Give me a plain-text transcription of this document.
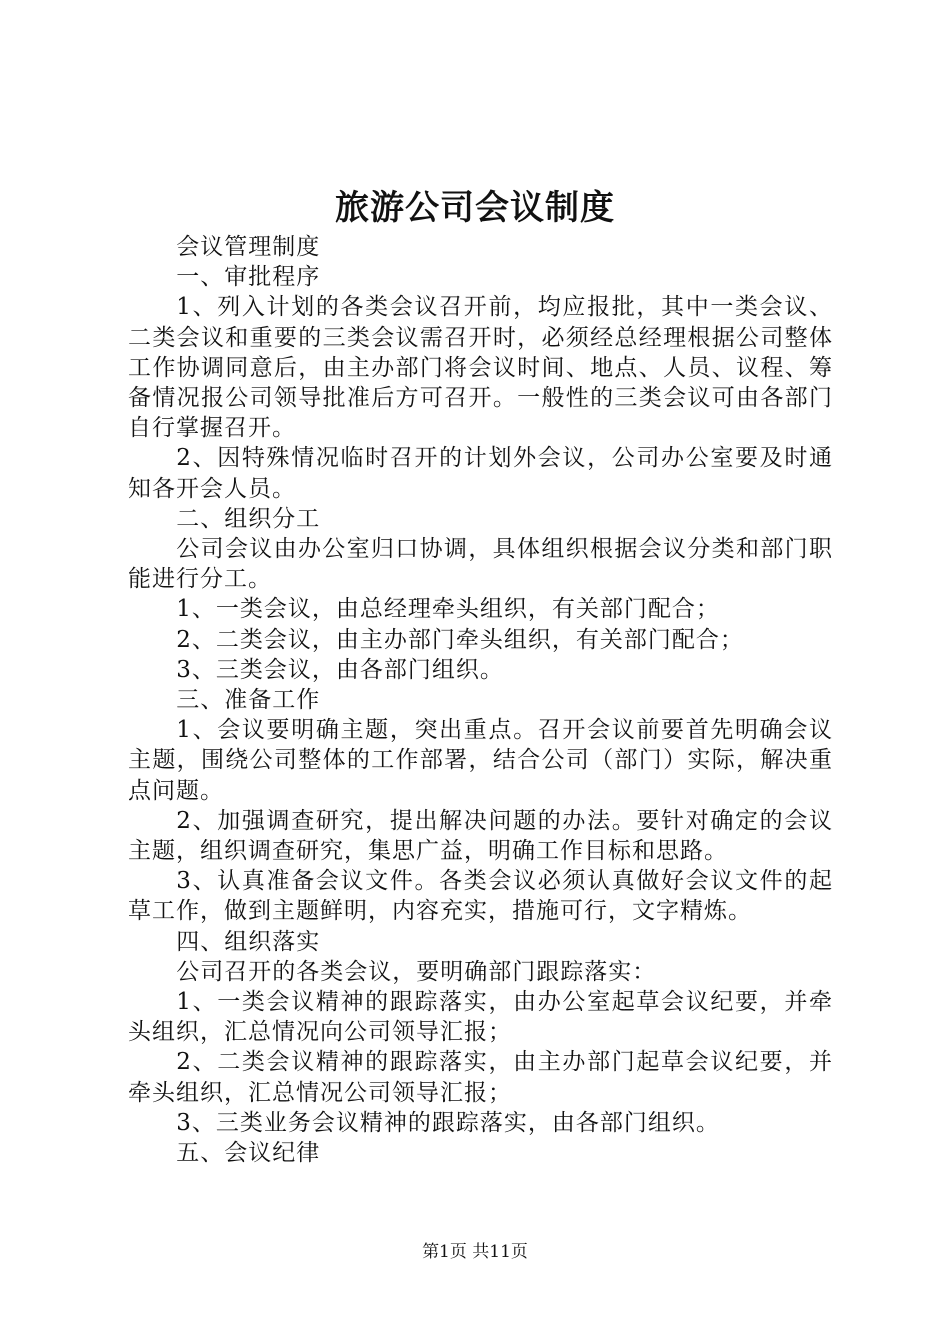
旅游公司会议制度

会议管理制度

一、审批程序

1、列入计划的各类会议召开前，均应报批，其中一类会议、二类会议和重要的三类会议需召开时，必须经总经理根据公司整体工作协调同意后，由主办部门将会议时间、地点、人员、议程、筹备情况报公司领导批准后方可召开。一般性的三类会议可由各部门自行掌握召开。

2、因特殊情况临时召开的计划外会议，公司办公室要及时通知各开会人员。

二、组织分工

公司会议由办公室归口协调，具体组织根据会议分类和部门职能进行分工。

1、一类会议，由总经理牵头组织，有关部门配合；

2、二类会议，由主办部门牵头组织，有关部门配合；

3、三类会议，由各部门组织。

三、准备工作

1、会议要明确主题，突出重点。召开会议前要首先明确会议主题，围绕公司整体的工作部署，结合公司（部门）实际，解决重点问题。

2、加强调查研究，提出解决问题的办法。要针对确定的会议主题，组织调查研究，集思广益，明确工作目标和思路。

3、认真准备会议文件。各类会议必须认真做好会议文件的起草工作，做到主题鲜明，内容充实，措施可行，文字精炼。

四、组织落实

公司召开的各类会议，要明确部门跟踪落实：

1、一类会议精神的跟踪落实，由办公室起草会议纪要，并牵头组织，汇总情况向公司领导汇报；

2、二类会议精神的跟踪落实，由主办部门起草会议纪要，并牵头组织，汇总情况公司领导汇报；

3、三类业务会议精神的跟踪落实，由各部门组织。

五、会议纪律

第1页 共11页
